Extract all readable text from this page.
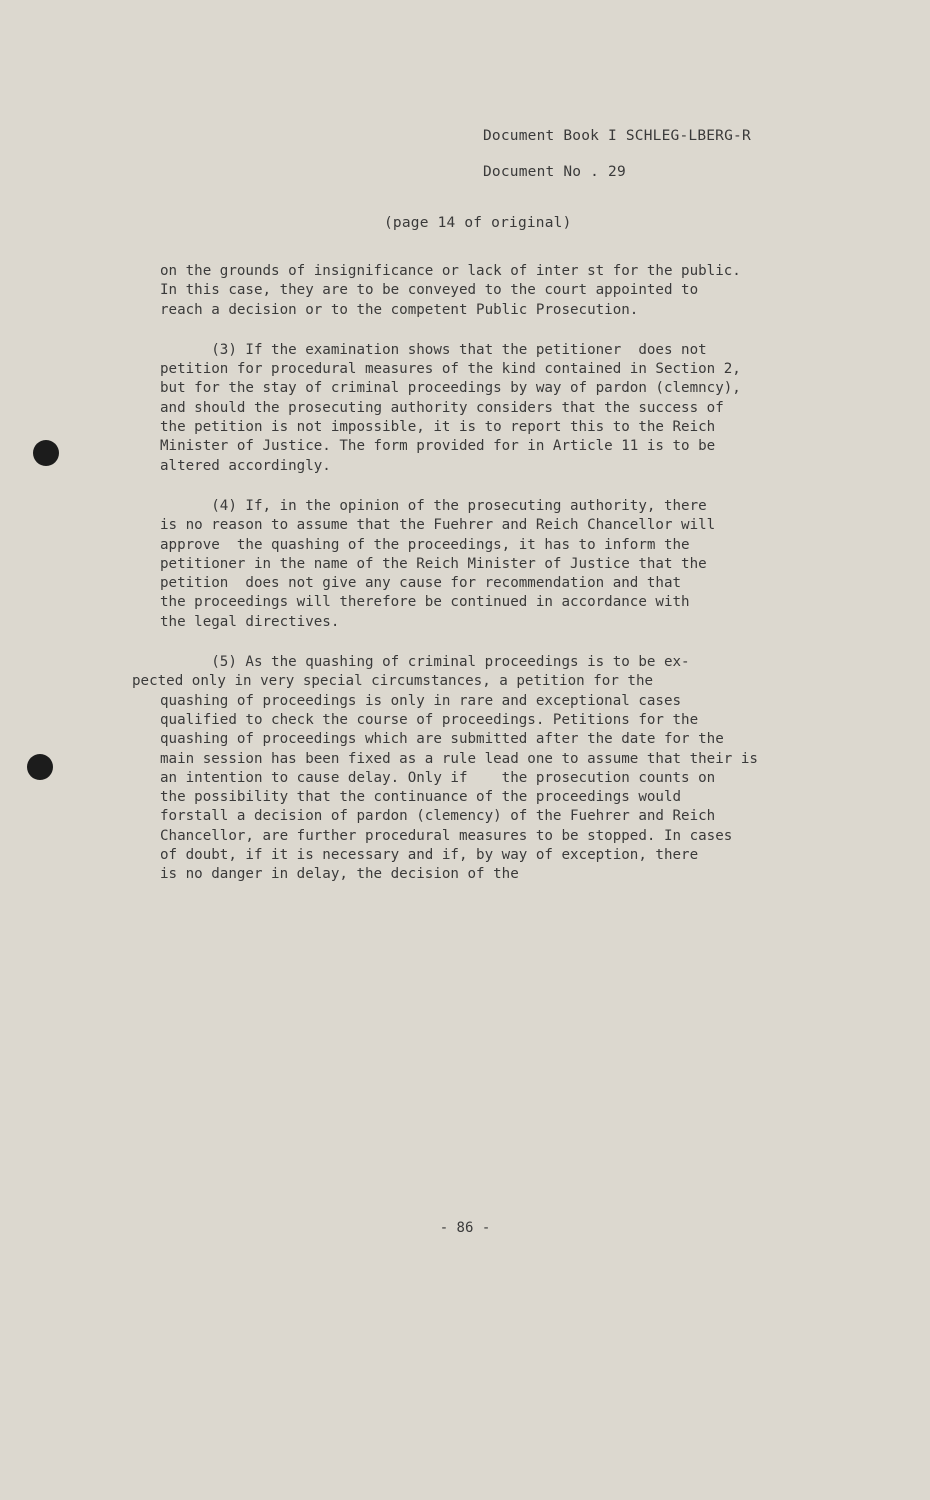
Document Book I SCHLEG-LBERG-R
Document No . 29
(page 14 of original)
on the grounds of insignificance or lack of inter st for the public.
In this case, they are to be conveyed to the court appointed to
reach a decision or to the competent Public Prosecution.
(3) If the examination shows that the petitioner  does not
petition for procedural measures of the kind contained in Section 2,
but for the stay of criminal proceedings by way of pardon (clemncy),
and should the prosecuting authority considers that the success of
the petition is not impossible, it is to report this to the Reich
Minister of Justice. The form provided for in Article 11 is to be
altered accordingly.
(4) If, in the opinion of the prosecuting authority, there
is no reason to assume that the Fuehrer and Reich Chancellor will
approve  the quashing of the proceedings, it has to inform the
petitioner in the name of the Reich Minister of Justice that the
petition  does not give any cause for recommendation and that
the proceedings will therefore be continued in accordance with
the legal directives.
(5) As the quashing of criminal proceedings is to be ex-
pected only in very special circumstances, a petition for the
quashing of proceedings is only in rare and exceptional cases
qualified to check the course of proceedings. Petitions for the
quashing of proceedings which are submitted after the date for the
main session has been fixed as a rule lead one to assume that their is
an intention to cause delay. Only if    the prosecution counts on
the possibility that the continuance of the proceedings would
forstall a decision of pardon (clemency) of the Fuehrer and Reich
Chancellor, are further procedural measures to be stopped. In cases
of doubt, if it is necessary and if, by way of exception, there
is no danger in delay, the decision of the
- 86 -
